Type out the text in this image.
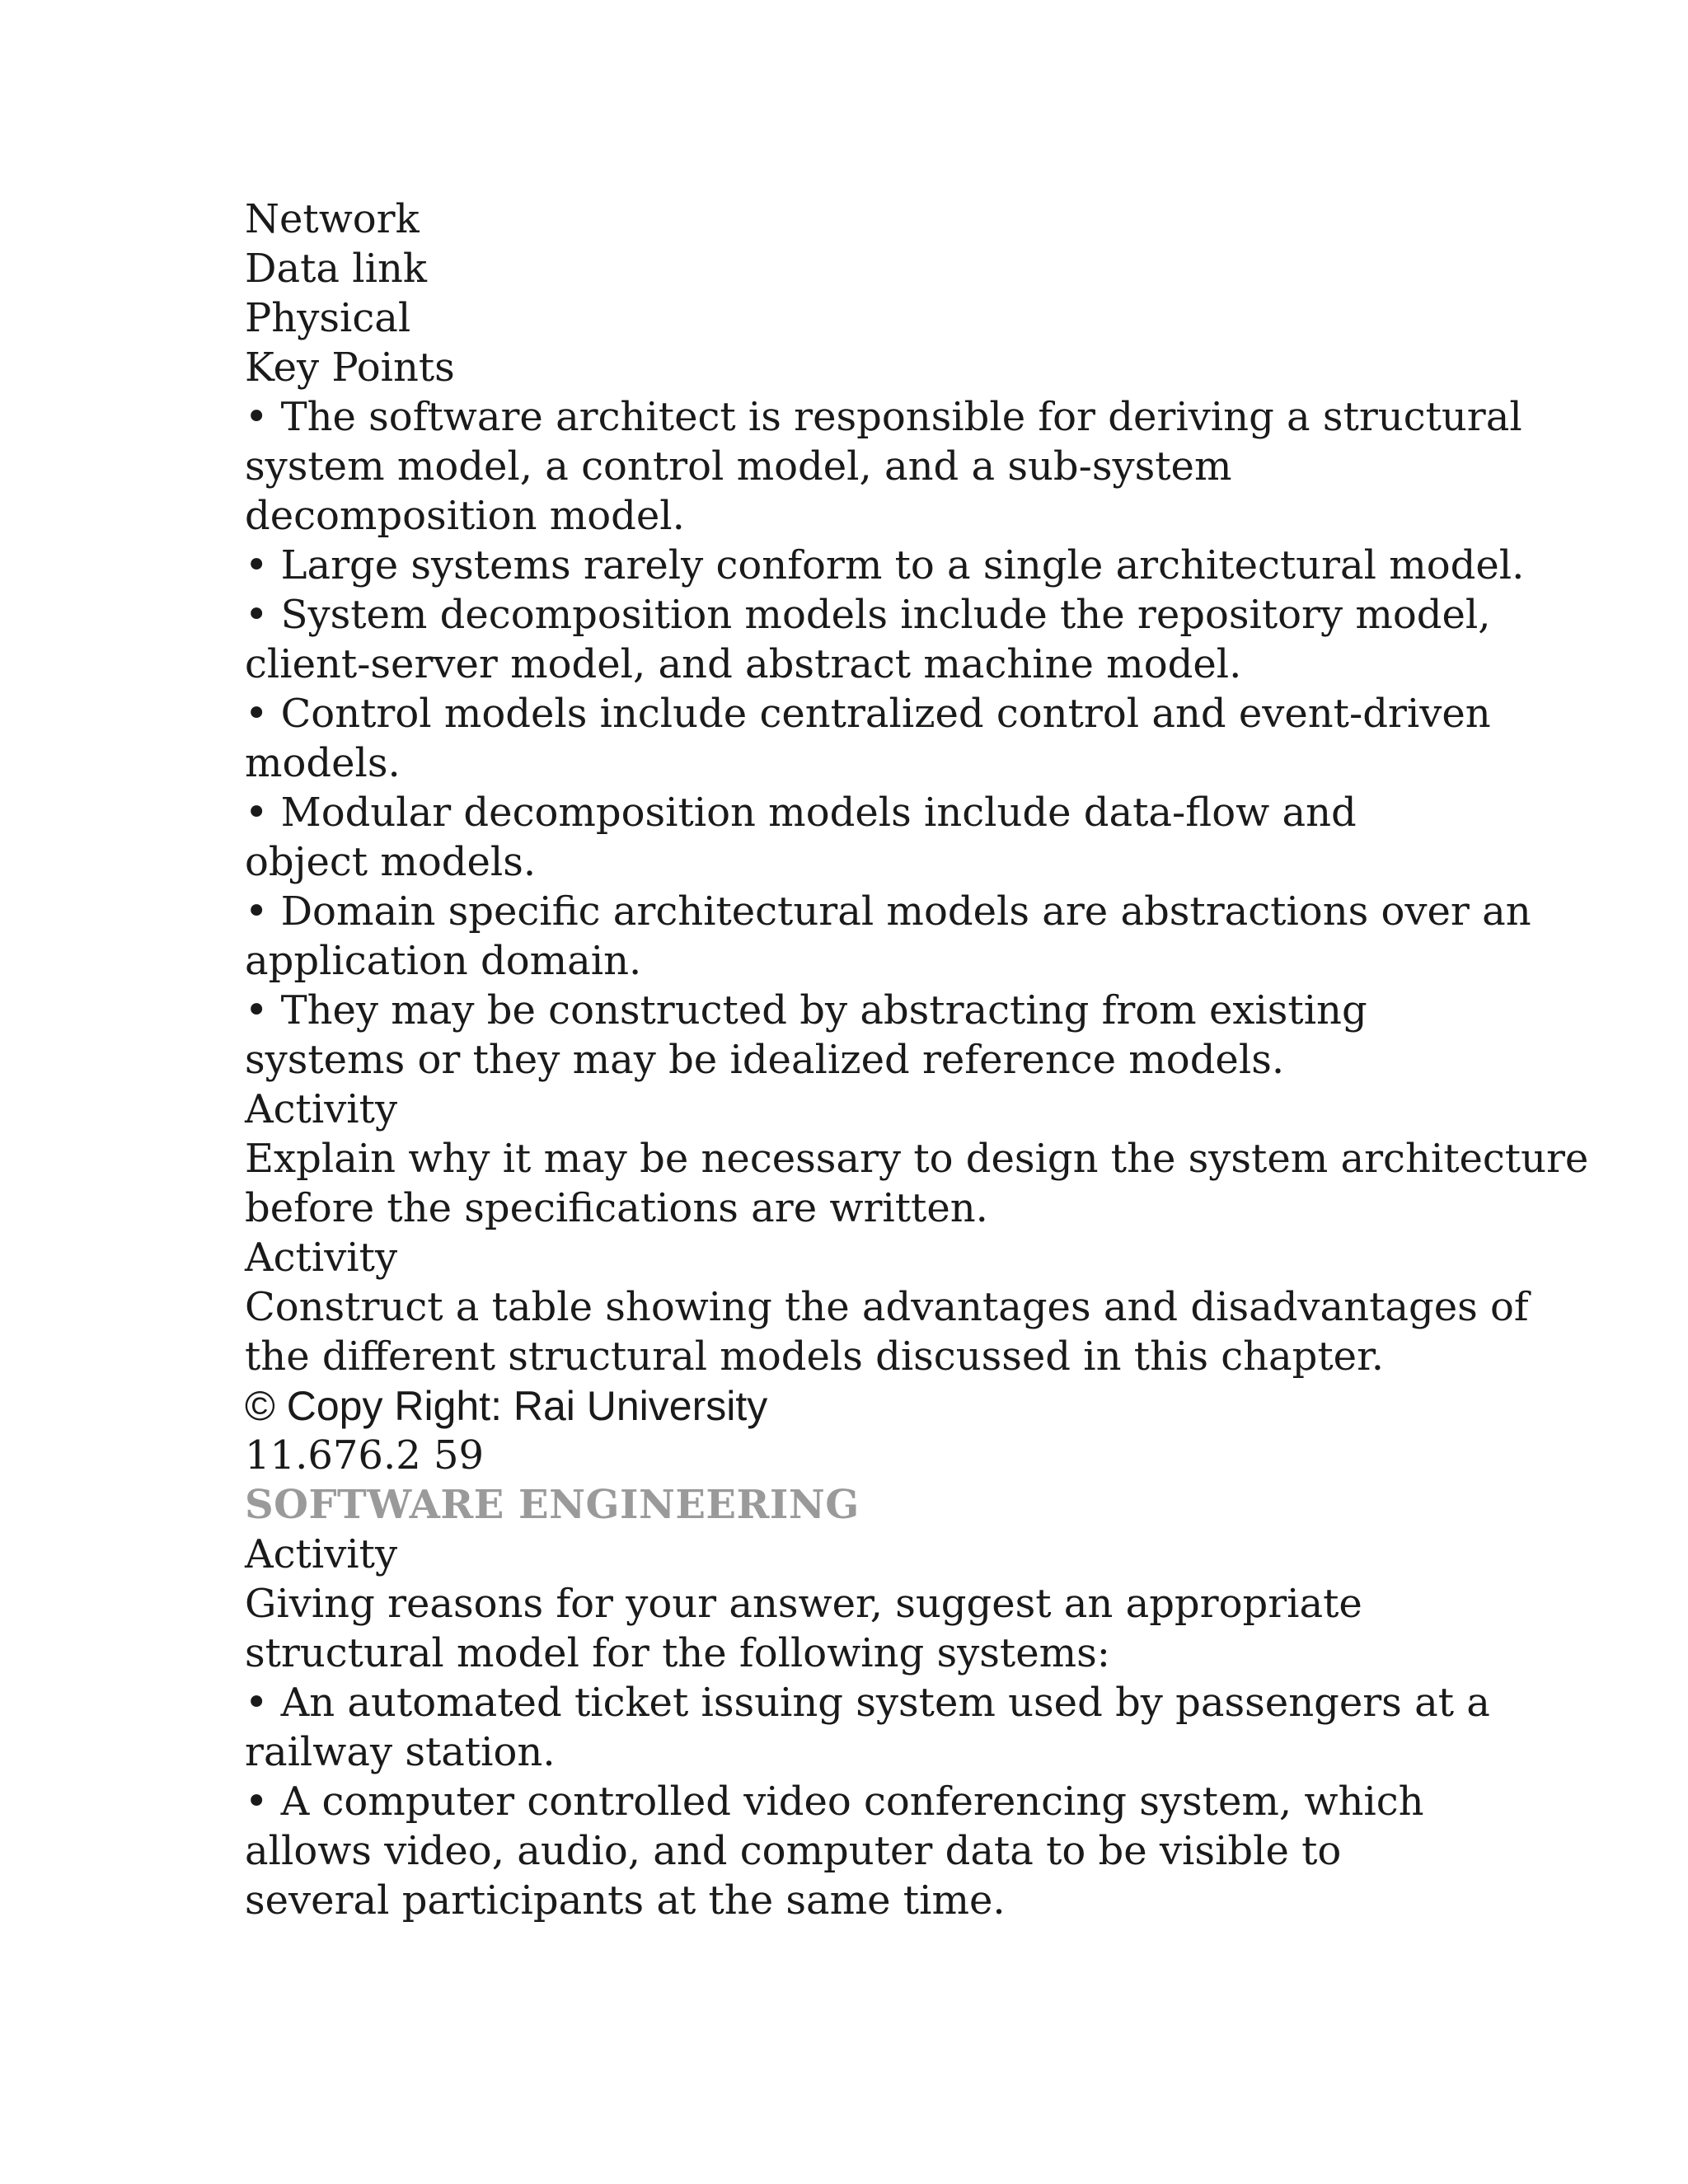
Network
Data link
Physical
Key Points
• The software architect is responsible for deriving a structural
system model, a control model, and a sub-system
decomposition model.
• Large systems rarely conform to a single architectural model.
• System decomposition models include the repository model,
client-server model, and abstract machine model.
• Control models include centralized control and event-driven
models.
• Modular decomposition models include data-flow and
object models.
• Domain specific architectural models are abstractions over an
application domain.
• They may be constructed by abstracting from existing
systems or they may be idealized reference models.
Activity
Explain why it may be necessary to design the system architecture
before the specifications are written.
Activity
Construct a table showing the advantages and disadvantages of
the different structural models discussed in this chapter.
© Copy Right: Rai University
11.676.2 59
SOFTWARE ENGINEERING
Activity
Giving reasons for your answer, suggest an appropriate
structural model for the following systems:
• An automated ticket issuing system used by passengers at a
railway station.
• A computer controlled video conferencing system, which
allows video, audio, and computer data to be visible to
several participants at the same time.
